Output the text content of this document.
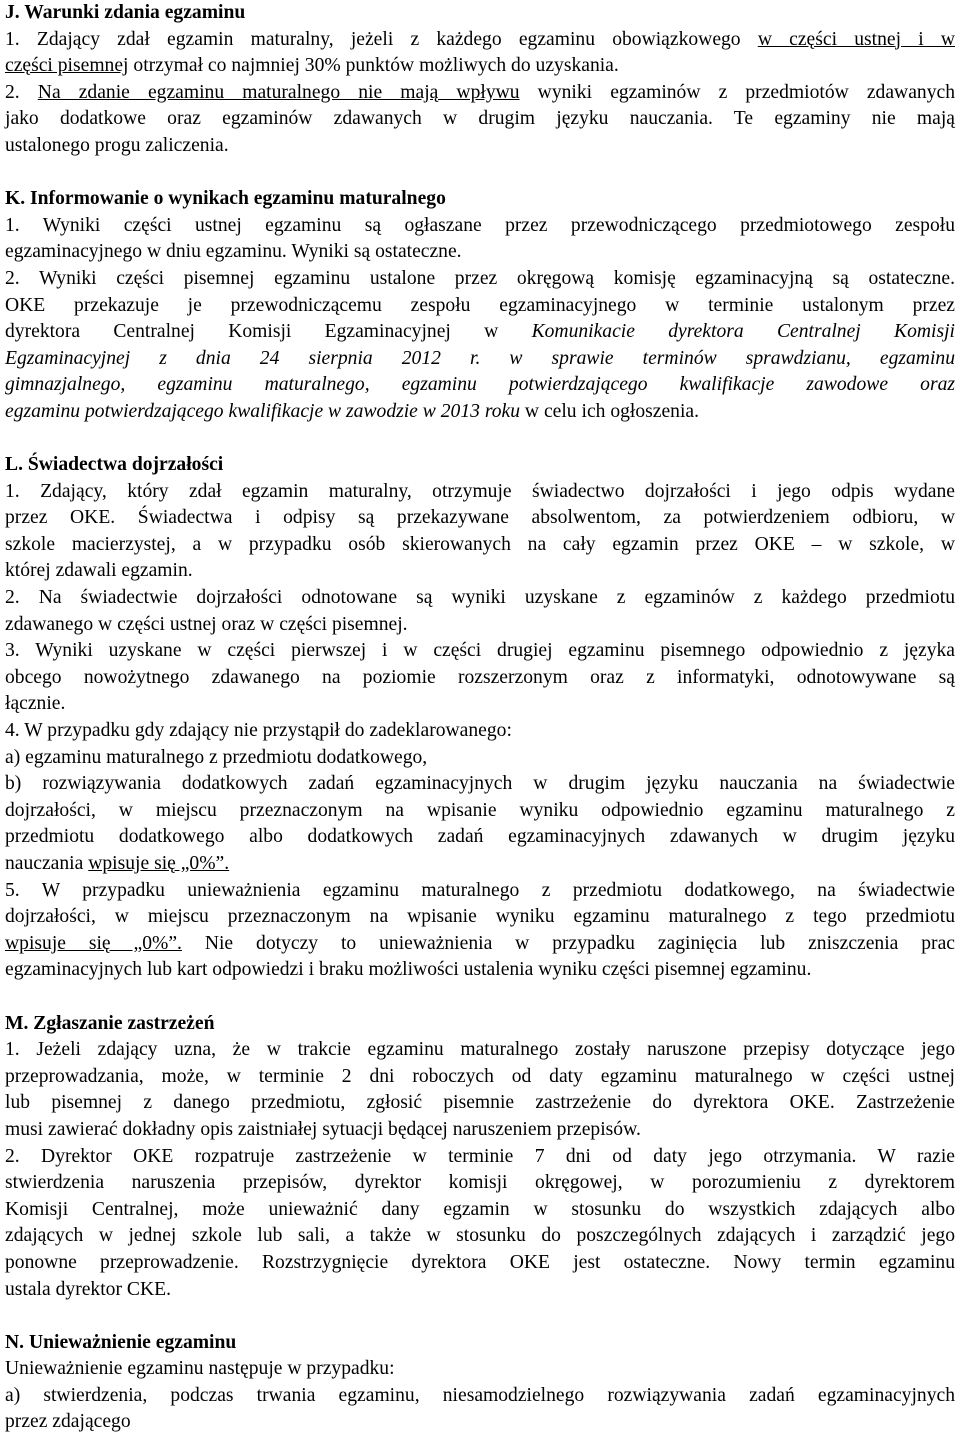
J. Warunki zdania egzaminu
1. Zdający zdał egzamin maturalny, jeżeli z każdego egzaminu obowiązkowego w części ustnej i w
części pisemnej otrzymał co najmniej 30% punktów możliwych do uzyskania.
2. Na zdanie egzaminu maturalnego nie mają wpływu wyniki egzaminów z przedmiotów zdawanych
jako dodatkowe oraz egzaminów zdawanych w drugim języku nauczania. Te egzaminy nie mają
ustalonego progu zaliczenia.
K. Informowanie o wynikach egzaminu maturalnego
1. Wyniki części ustnej egzaminu są ogłaszane przez przewodniczącego przedmiotowego zespołu
egzaminacyjnego w dniu egzaminu. Wyniki są ostateczne.
2. Wyniki części pisemnej egzaminu ustalone przez okręgową komisję egzaminacyjną są ostateczne.
OKE przekazuje je przewodniczącemu zespołu egzaminacyjnego w terminie ustalonym przez
dyrektora Centralnej Komisji Egzaminacyjnej w Komunikacie dyrektora Centralnej Komisji
Egzaminacyjnej z dnia 24 sierpnia 2012 r. w sprawie terminów sprawdzianu, egzaminu
gimnazjalnego, egzaminu maturalnego, egzaminu potwierdzającego kwalifikacje zawodowe oraz
egzaminu potwierdzającego kwalifikacje w zawodzie w 2013 roku w celu ich ogłoszenia.
L. Świadectwa dojrzałości
1. Zdający, który zdał egzamin maturalny, otrzymuje świadectwo dojrzałości i jego odpis wydane
przez OKE. Świadectwa i odpisy są przekazywane absolwentom, za potwierdzeniem odbioru, w
szkole macierzystej, a w przypadku osób skierowanych na cały egzamin przez OKE – w szkole, w
której zdawali egzamin.
2. Na świadectwie dojrzałości odnotowane są wyniki uzyskane z egzaminów z każdego przedmiotu
zdawanego w części ustnej oraz w części pisemnej.
3. Wyniki uzyskane w części pierwszej i w części drugiej egzaminu pisemnego odpowiednio z języka
obcego nowożytnego zdawanego na poziomie rozszerzonym oraz z informatyki, odnotowywane są
łącznie.
4. W przypadku gdy zdający nie przystąpił do zadeklarowanego:
a) egzaminu maturalnego z przedmiotu dodatkowego,
b) rozwiązywania dodatkowych zadań egzaminacyjnych w drugim języku nauczania na świadectwie
dojrzałości, w miejscu przeznaczonym na wpisanie wyniku odpowiednio egzaminu maturalnego z
przedmiotu dodatkowego albo dodatkowych zadań egzaminacyjnych zdawanych w drugim języku
nauczania wpisuje się „0%”.
5. W przypadku unieważnienia egzaminu maturalnego z przedmiotu dodatkowego, na świadectwie
dojrzałości, w miejscu przeznaczonym na wpisanie wyniku egzaminu maturalnego z tego przedmiotu
wpisuje się „0%”. Nie dotyczy to unieważnienia w przypadku zaginięcia lub zniszczenia prac
egzaminacyjnych lub kart odpowiedzi i braku możliwości ustalenia wyniku części pisemnej egzaminu.
M. Zgłaszanie zastrzeżeń
1. Jeżeli zdający uzna, że w trakcie egzaminu maturalnego zostały naruszone przepisy dotyczące jego
przeprowadzania, może, w terminie 2 dni roboczych od daty egzaminu maturalnego w części ustnej
lub pisemnej z danego przedmiotu, zgłosić pisemnie zastrzeżenie do dyrektora OKE. Zastrzeżenie
musi zawierać dokładny opis zaistniałej sytuacji będącej naruszeniem przepisów.
2. Dyrektor OKE rozpatruje zastrzeżenie w terminie 7 dni od daty jego otrzymania. W razie
stwierdzenia naruszenia przepisów, dyrektor komisji okręgowej, w porozumieniu z dyrektorem
Komisji Centralnej, może unieważnić dany egzamin w stosunku do wszystkich zdających albo
zdających w jednej szkole lub sali, a także w stosunku do poszczególnych zdających i zarządzić jego
ponowne przeprowadzenie. Rozstrzygnięcie dyrektora OKE jest ostateczne. Nowy termin egzaminu
ustala dyrektor CKE.
N. Unieważnienie egzaminu
Unieważnienie egzaminu następuje w przypadku:
a) stwierdzenia, podczas trwania egzaminu, niesamodzielnego rozwiązywania zadań egzaminacyjnych
przez zdającego
